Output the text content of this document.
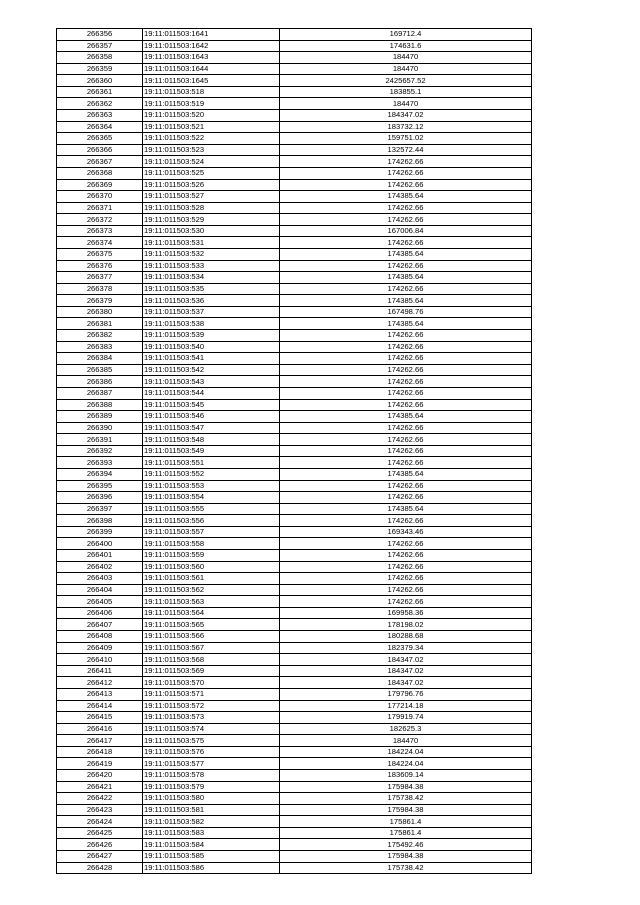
266356	19:11:011503:1641	169712.4
266357	19:11:011503:1642	174631.6
266358	19:11:011503:1643	184470
266359	19:11:011503:1644	184470
266360	19:11:011503:1645	2425657.52
266361	19:11:011503:518	183855.1
266362	19:11:011503:519	184470
266363	19:11:011503:520	184347.02
266364	19:11:011503:521	183732.12
266365	19:11:011503:522	159751.02
266366	19:11:011503:523	132572.44
266367	19:11:011503:524	174262.66
266368	19:11:011503:525	174262.66
266369	19:11:011503:526	174262.66
266370	19:11:011503:527	174385.64
266371	19:11:011503:528	174262.66
266372	19:11:011503:529	174262.66
266373	19:11:011503:530	167006.84
266374	19:11:011503:531	174262.66
266375	19:11:011503:532	174385.64
266376	19:11:011503:533	174262.66
266377	19:11:011503:534	174385.64
266378	19:11:011503:535	174262.66
266379	19:11:011503:536	174385.64
266380	19:11:011503:537	167498.76
266381	19:11:011503:538	174385.64
266382	19:11:011503:539	174262.66
266383	19:11:011503:540	174262.66
266384	19:11:011503:541	174262.66
266385	19:11:011503:542	174262.66
266386	19:11:011503:543	174262.66
266387	19:11:011503:544	174262.66
266388	19:11:011503:545	174262.66
266389	19:11:011503:546	174385.64
266390	19:11:011503:547	174262.66
266391	19:11:011503:548	174262.66
266392	19:11:011503:549	174262.66
266393	19:11:011503:551	174262.66
266394	19:11:011503:552	174385.64
266395	19:11:011503:553	174262.66
266396	19:11:011503:554	174262.66
266397	19:11:011503:555	174385.64
266398	19:11:011503:556	174262.66
266399	19:11:011503:557	169343.46
266400	19:11:011503:558	174262.66
266401	19:11:011503:559	174262.66
266402	19:11:011503:560	174262.66
266403	19:11:011503:561	174262.66
266404	19:11:011503:562	174262.66
266405	19:11:011503:563	174262.66
266406	19:11:011503:564	169958.36
266407	19:11:011503:565	178198.02
266408	19:11:011503:566	180288.68
266409	19:11:011503:567	182379.34
266410	19:11:011503:568	184347.02
266411	19:11:011503:569	184347.02
266412	19:11:011503:570	184347.02
266413	19:11:011503:571	179796.76
266414	19:11:011503:572	177214.18
266415	19:11:011503:573	179919.74
266416	19:11:011503:574	182625.3
266417	19:11:011503:575	184470
266418	19:11:011503:576	184224.04
266419	19:11:011503:577	184224.04
266420	19:11:011503:578	183609.14
266421	19:11:011503:579	175984.38
266422	19:11:011503:580	175738.42
266423	19:11:011503:581	175984.38
266424	19:11:011503:582	175861.4
266425	19:11:011503:583	175861.4
266426	19:11:011503:584	175492.46
266427	19:11:011503:585	175984.38
266428	19:11:011503:586	175738.42
